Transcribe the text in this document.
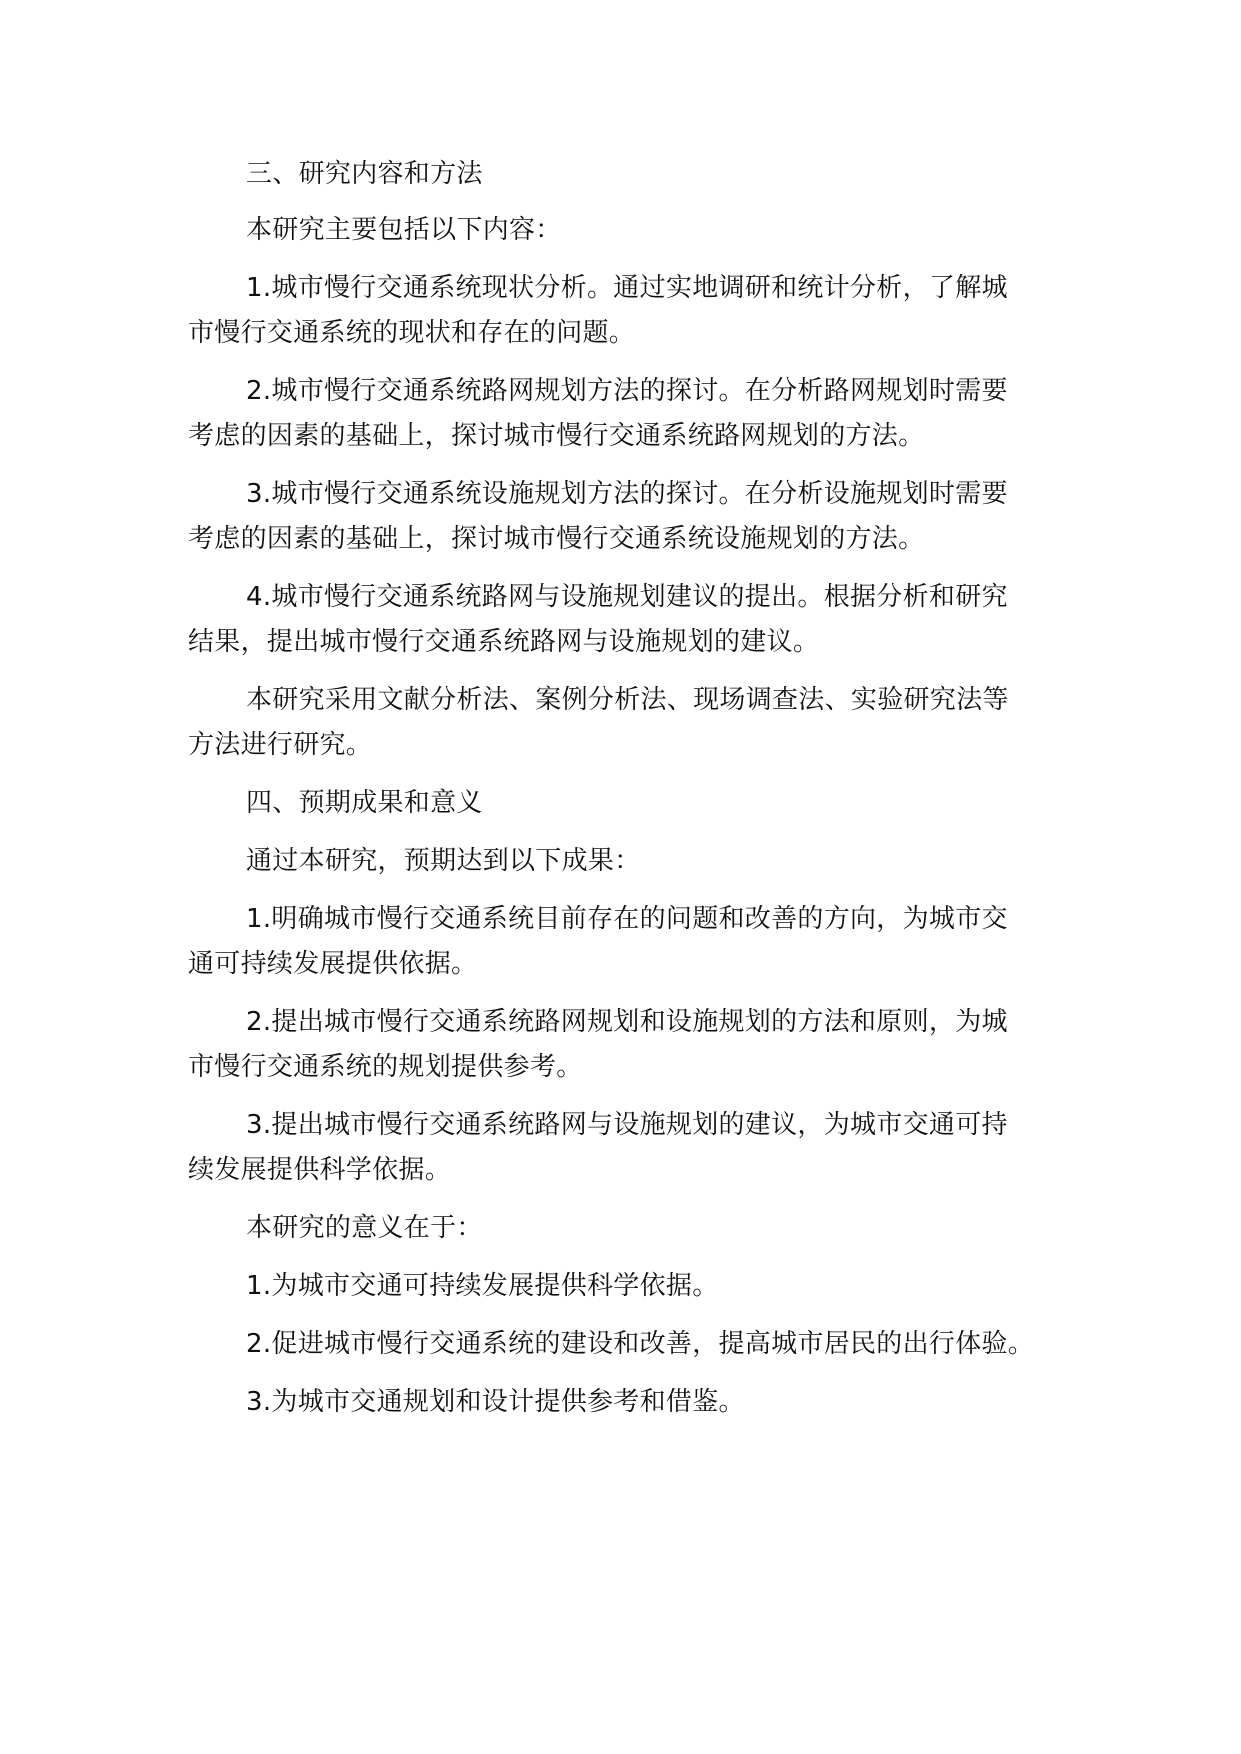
三、研究内容和方法
本研究主要包括以下内容：
1.城市慢行交通系统现状分析。通过实地调研和统计分析，了解城
市慢行交通系统的现状和存在的问题。
2.城市慢行交通系统路网规划方法的探讨。在分析路网规划时需要
考虑的因素的基础上，探讨城市慢行交通系统路网规划的方法。
3.城市慢行交通系统设施规划方法的探讨。在分析设施规划时需要
考虑的因素的基础上，探讨城市慢行交通系统设施规划的方法。
4.城市慢行交通系统路网与设施规划建议的提出。根据分析和研究
结果，提出城市慢行交通系统路网与设施规划的建议。
本研究采用文献分析法、案例分析法、现场调查法、实验研究法等
方法进行研究。
四、预期成果和意义
通过本研究，预期达到以下成果：
1.明确城市慢行交通系统目前存在的问题和改善的方向，为城市交
通可持续发展提供依据。
2.提出城市慢行交通系统路网规划和设施规划的方法和原则，为城
市慢行交通系统的规划提供参考。
3.提出城市慢行交通系统路网与设施规划的建议，为城市交通可持
续发展提供科学依据。
本研究的意义在于：
1.为城市交通可持续发展提供科学依据。
2.促进城市慢行交通系统的建设和改善，提高城市居民的出行体验。
3.为城市交通规划和设计提供参考和借鉴。
